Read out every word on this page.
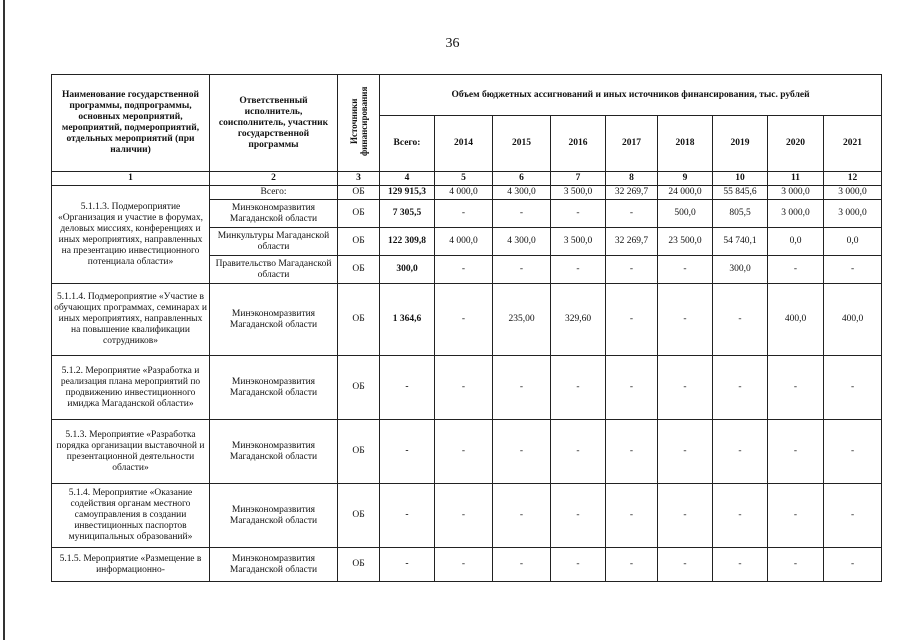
36
Наименование государственной программы, подпрограммы, основных мероприятий, мероприятий, подмероприятий, отдельных мероприятий (при наличии)	Ответственный исполнитель, соисполнитель, участник государственной программы	Источники финансирования	Объем бюджетных ассигнований и иных источников финансирования, тыс. рублей								
			Всего:	2014	2015	2016	2017	2018	2019	2020	2021
1	2	3	4	5	6	7	8	9	10	11	12
5.1.1.3. Подмероприятие «Организация и участие в форумах, деловых миссиях, конференциях и иных мероприятиях, направленных на презентацию инвестиционного потенциала области»	Всего:	ОБ	129 915,3	4 000,0	4 300,0	3 500,0	32 269,7	24 000,0	55 845,6	3 000,0	3 000,0
	Минэкономразвития Магаданской области	ОБ	7 305,5	-	-	-	-	500,0	805,5	3 000,0	3 000,0
	Минкультуры Магаданской области	ОБ	122 309,8	4 000,0	4 300,0	3 500,0	32 269,7	23 500,0	54 740,1	0,0	0,0
	Правительство Магаданской области	ОБ	300,0	-	-	-	-	-	300,0	-	-
5.1.1.4. Подмероприятие «Участие в обучающих программах, семинарах и иных мероприятиях, направленных на повышение квалификации сотрудников»	Минэкономразвития Магаданской области	ОБ	1 364,6	-	235,00	329,60	-	-	-	400,0	400,0
5.1.2. Мероприятие «Разработка и реализация плана мероприятий по продвижению инвестиционного имиджа Магаданской области»	Минэкономразвития Магаданской области	ОБ	-	-	-	-	-	-	-	-	-
5.1.3. Мероприятие «Разработка порядка организации выставочной и презентационной деятельности области»	Минэкономразвития Магаданской области	ОБ	-	-	-	-	-	-	-	-	-
5.1.4. Мероприятие «Оказание содействия органам местного самоуправления в создании инвестиционных паспортов муниципальных образований»	Минэкономразвития Магаданской области	ОБ	-	-	-	-	-	-	-	-	-
5.1.5. Мероприятие «Размещение в информационно-	Минэкономразвития Магаданской области	ОБ	-	-	-	-	-	-	-	-	-
